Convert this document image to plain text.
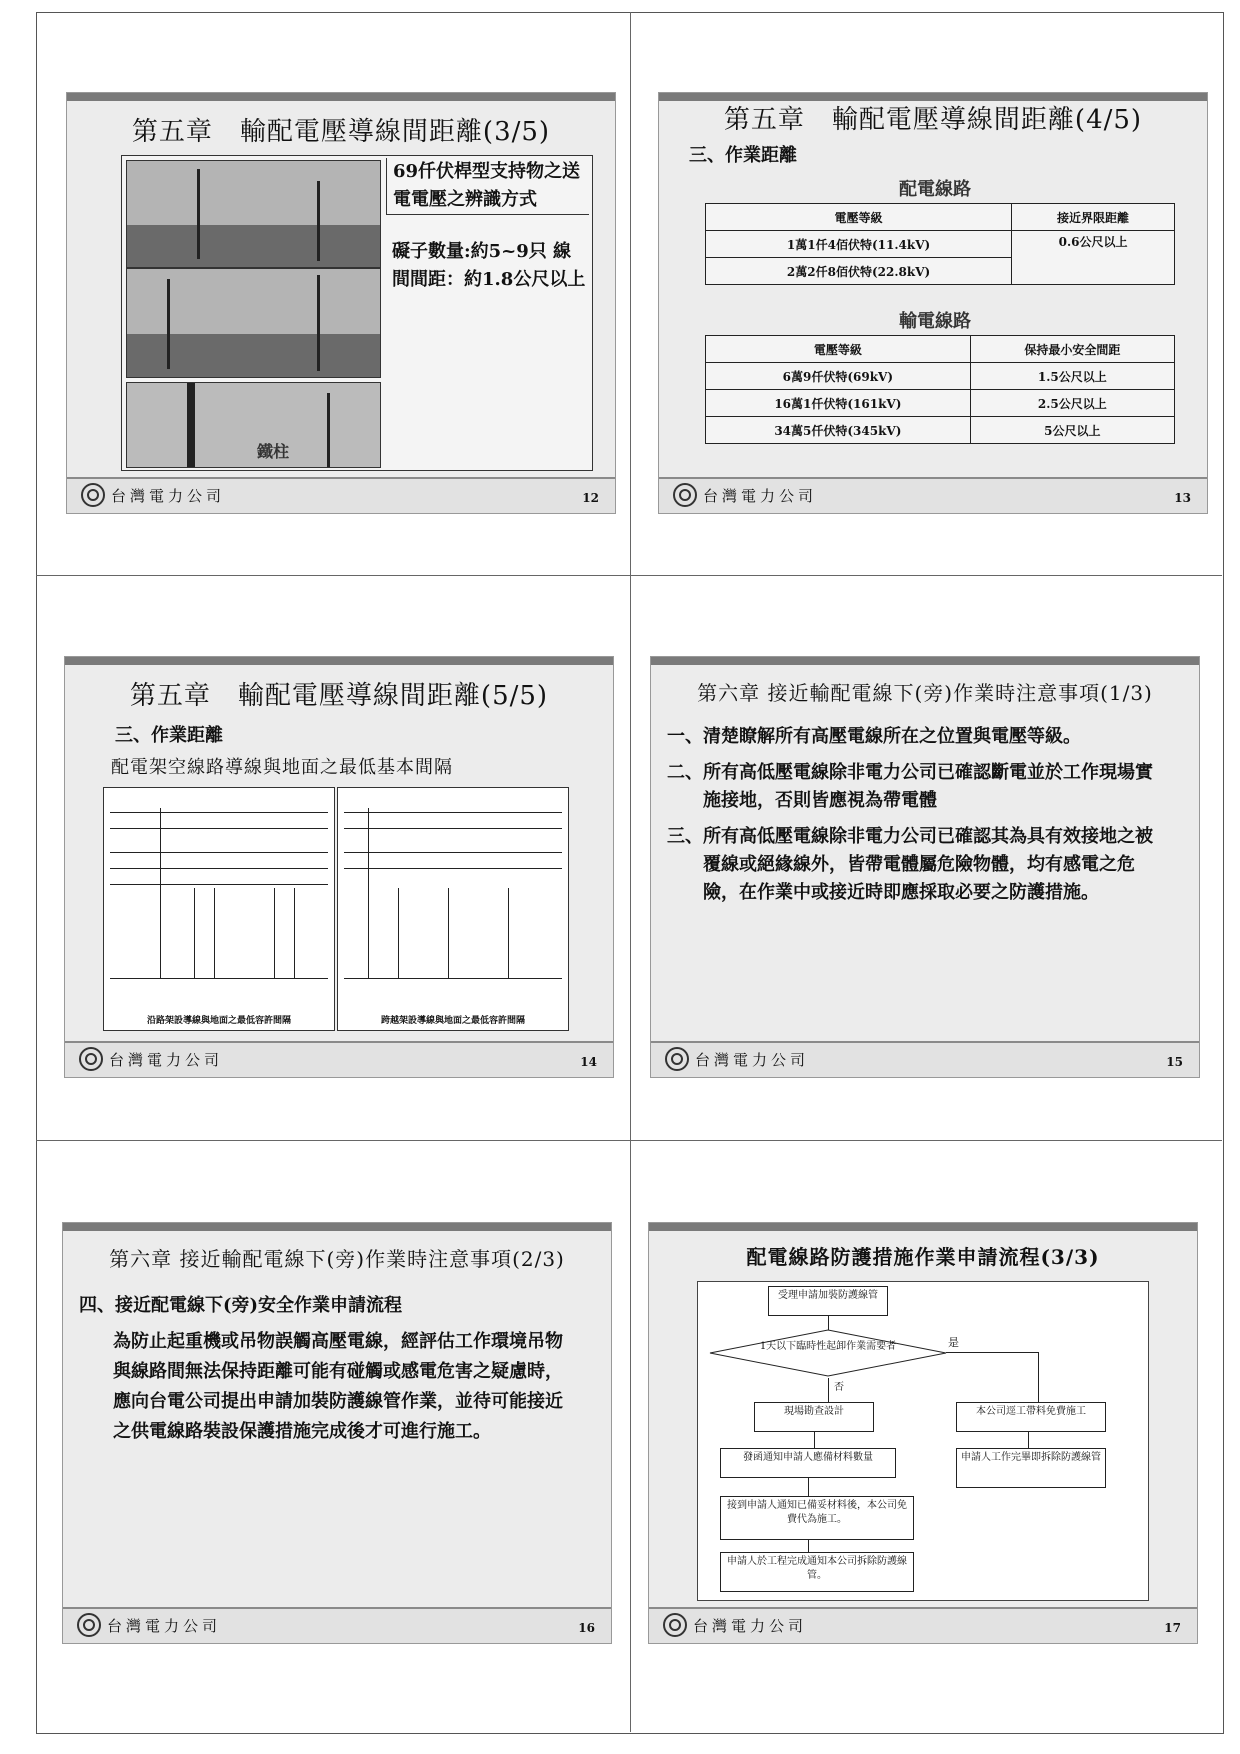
第五章　輸配電壓導線間距離(3/5)
鐵柱
69仟伏桿型支持物之送電電壓之辨識方式
礙子數量:約5~9只 線間間距：約1.8公尺以上
台灣電力公司	12
第五章　輸配電壓導線間距離(4/5)
三、作業距離
配電線路
電壓等級	接近界限距離
1萬1仟4佰伏特(11.4kV)	0.6公尺以上
2萬2仟8佰伏特(22.8kV)	
輸電線路
電壓等級	保持最小安全間距
6萬9仟伏特(69kV)	1.5公尺以上
16萬1仟伏特(161kV)	2.5公尺以上
34萬5仟伏特(345kV)	5公尺以上
台灣電力公司	13
第五章　輸配電壓導線間距離(5/5)
三、作業距離
配電架空線路導線與地面之最低基本間隔
沿路架設導線與地面之最低容許間隔	跨越架設導線與地面之最低容許間隔
台灣電力公司	14
第六章 接近輸配電線下(旁)作業時注意事項(1/3)
一、 清楚瞭解所有高壓電線所在之位置與電壓等級。
二、 所有高低壓電線除非電力公司已確認斷電並於工作現場實施接地，否則皆應視為帶電體
三、 所有高低壓電線除非電力公司已確認其為具有效接地之被覆線或絕緣線外，皆帶電體屬危險物體，均有感電之危險，在作業中或接近時即應採取必要之防護措施。
台灣電力公司	15
第六章 接近輸配電線下(旁)作業時注意事項(2/3)
四、接近配電線下(旁)安全作業申請流程
為防止起重機或吊物誤觸高壓電線，經評估工作環境吊物與線路間無法保持距離可能有碰觸或感電危害之疑慮時，應向台電公司提出申請加裝防護線管作業，並待可能接近之供電線路裝設保護措施完成後才可進行施工。
台灣電力公司	16
配電線路防護措施作業申請流程(3/3)
受理申請加裝防護線管
1天以下臨時性起卸作業需要者	是
否
現場勘查設計	本公司逕工帶料免費施工
發函通知申請人應備材料數量	申請人工作完畢即拆除防護線管
接到申請人通知已備妥材料後，本公司免費代為施工。
申請人於工程完成通知本公司拆除防護線管。
台灣電力公司	17
